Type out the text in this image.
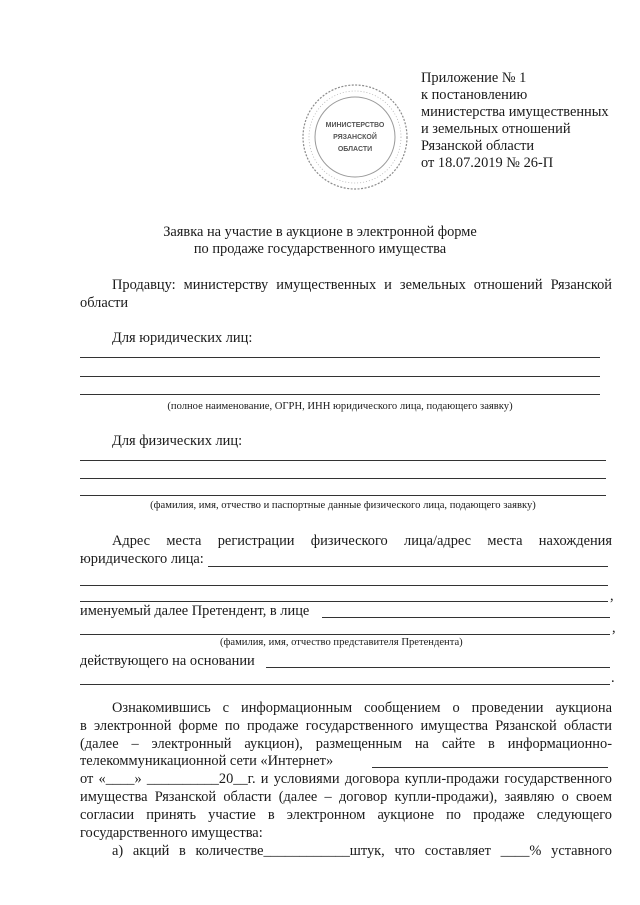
МИНИСТЕРСТВО
РЯЗАНСКОЙ
ОБЛАСТИ
Приложение № 1
к постановлению
министерства имущественных
и земельных отношений
Рязанской области
от 18.07.2019 № 26-П
Заявка на участие в аукционе в электронной форме
по продаже государственного имущества
Продавцу: министерству имущественных и земельных отношений Рязанской
области
Для юридических лиц:
(полное наименование, ОГРН, ИНН юридического лица, подающего заявку)
Для физических лиц:
(фамилия, имя, отчество и паспортные данные физического лица, подающего заявку)
Адрес места регистрации физического лица/адрес места нахождения
юридического лица:
,
именуемый далее Претендент, в лице
,
(фамилия, имя, отчество представителя Претендента)
действующего на основании
.
Ознакомившись с информационным сообщением о проведении аукциона
в электронной форме по продаже государственного имущества Рязанской области
(далее – электронный аукцион), размещенным на сайте в информационно-
телекоммуникационной сети «Интернет»
от «____» __________20__г. и условиями договора купли-продажи государственного
имущества Рязанской области (далее – договор купли-продажи), заявляю о своем
согласии принять участие в электронном аукционе по продаже следующего
государственного имущества:
а) акций в количестве____________штук, что составляет ____% уставного
